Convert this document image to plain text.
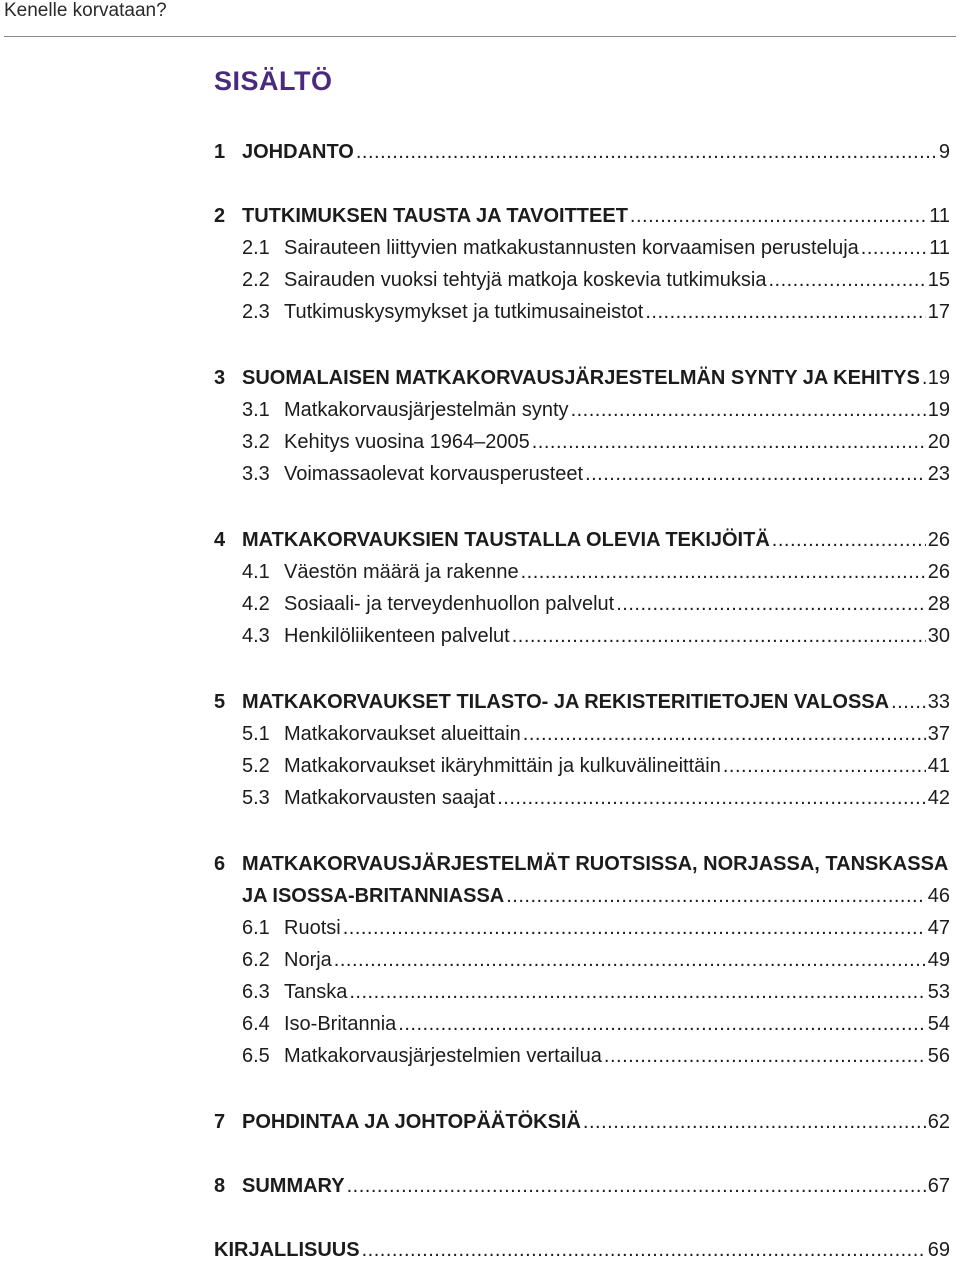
Kenelle korvataan?
SISÄLTÖ
1 JOHDANTO .....	9
2 TUTKIMUKSEN TAUSTA JA TAVOITTEET .....	11
2.1 Sairauteen liittyvien matkakustannusten korvaamisen perusteluja .....	11
2.2 Sairauden vuoksi tehtyjä matkoja koskevia tutkimuksia .....	15
2.3 Tutkimuskysymykset ja tutkimusaineistot .....	17
3 SUOMALAISEN MATKAKORVAUSJÄRJESTELMÄN SYNTY JA KEHITYS ..... 19
3.1 Matkakorvausjärjestelmän synty .....	19
3.2 Kehitys vuosina 1964–2005 .....	20
3.3 Voimassaolevat korvausperusteet .....	23
4 MATKAKORVAUKSIEN TAUSTALLA OLEVIA TEKIJÖITÄ .....	26
4.1 Väestön määrä ja rakenne .....	26
4.2 Sosiaali- ja terveydenhuollon palvelut .....	28
4.3 Henkilöliikenteen palvelut .....	30
5 MATKAKORVAUKSET TILASTO- JA REKISTERITIETOJEN VALOSSA ..... 33
5.1 Matkakorvaukset alueittain .....	37
5.2 Matkakorvaukset ikäryhmittäin ja kulkuvälineittäin .....	41
5.3 Matkakorvausten saajat .....	42
6 MATKAKORVAUSJÄRJESTELMÄT RUOTSISSA, NORJASSA, TANSKASSA
JA ISOSSA-BRITANNIASSA .....	46
6.1 Ruotsi .....	47
6.2 Norja .....	49
6.3 Tanska .....	53
6.4 Iso-Britannia .....	54
6.5 Matkakorvausjärjestelmien vertailua .....	56
7 POHDINTAA JA JOHTOPÄÄTÖKSIÄ .....	62
8 SUMMARY .....	67
KIRJALLISUUS .....	69
